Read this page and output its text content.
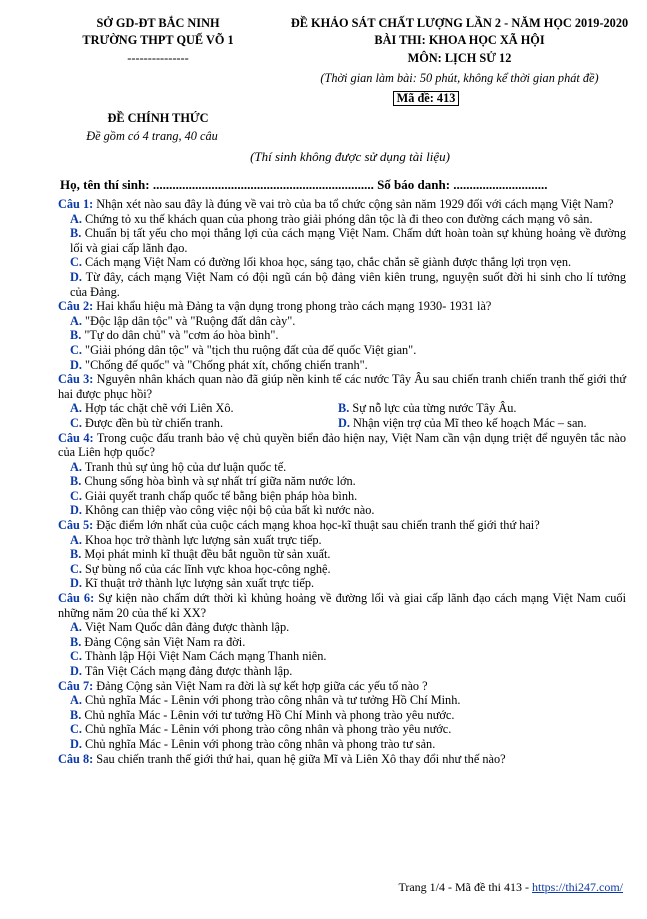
SỞ GD-ĐT BẮC NINH
TRƯỜNG THPT QUẾ VÕ 1
---------------
ĐỀ CHÍNH THỨC
Đề gồm có 4 trang, 40 câu
ĐỀ KHẢO SÁT CHẤT LƯỢNG LẦN 2 - NĂM HỌC 2019-2020
BÀI THI: KHOA HỌC XÃ HỘI
MÔN: LỊCH SỬ 12
(Thời gian làm bài: 50 phút, không kể thời gian phát đề)
Mã đề: 413
(Thí sinh không được sử dụng tài liệu)
Họ, tên thí sinh: .................................................................... Số báo danh: .............................
Câu 1: Nhận xét nào sau đây là đúng về vai trò của ba tổ chức cộng sản năm 1929 đối với cách mạng Việt Nam?
A. Chứng tỏ xu thế khách quan của phong trào giải phóng dân tộc là đi theo con đường cách mạng vô sản.
B. Chuẩn bị tất yếu cho mọi thắng lợi của cách mạng Việt Nam. Chấm dứt hoàn toàn sự khủng hoảng về đường lối và giai cấp lãnh đạo.
C. Cách mạng Việt Nam có đường lối khoa học, sáng tạo, chắc chắn sẽ giành được thắng lợi trọn vẹn.
D. Từ đây, cách mạng Việt Nam có đội ngũ cán bộ đảng viên kiên trung, nguyện suốt đời hi sinh cho lí tưởng của Đảng.
Câu 2: Hai khẩu hiệu mà Đảng ta vận dụng trong phong trào cách mạng 1930- 1931 là?
A. "Độc lập dân tộc" và "Ruộng đất dân cày".
B. "Tự do dân chủ" và "cơm áo hòa bình".
C. "Giải phóng dân tộc" và "tịch thu ruộng đất của đế quốc Việt gian".
D. "Chống đế quốc" và "Chống phát xít, chống chiến tranh".
Câu 3: Nguyên nhân khách quan nào đã giúp nền kinh tế các nước Tây Âu sau chiến tranh chiến tranh thế giới thứ hai được phục hồi?
A. Hợp tác chặt chẽ với Liên Xô.	B. Sự nỗ lực của từng nước Tây Âu.
C. Được đền bù từ chiến tranh.	D. Nhận viện trợ của Mĩ theo kế hoạch Mác – san.
Câu 4: Trong cuộc đấu tranh bảo vệ chủ quyền biển đảo hiện nay, Việt Nam cần vận dụng triệt để nguyên tắc nào của Liên hợp quốc?
A. Tranh thủ sự ủng hộ của dư luận quốc tế.
B. Chung sống hòa bình và sự nhất trí giữa năm nước lớn.
C. Giải quyết tranh chấp quốc tế bằng biện pháp hòa bình.
D. Không can thiệp vào công việc nội bộ của bất kì nước nào.
Câu 5: Đặc điểm lớn nhất của cuộc cách mạng khoa học-kĩ thuật sau chiến tranh thế giới thứ hai?
A. Khoa học trở thành lực lượng sản xuất trực tiếp.
B. Mọi phát minh kĩ thuật đều bắt nguồn từ sản xuất.
C. Sự bùng nổ của các lĩnh vực khoa học-công nghệ.
D. Kĩ thuật trở thành lực lượng sản xuất trực tiếp.
Câu 6: Sự kiện nào chấm dứt thời kì khủng hoảng về đường lối và giai cấp lãnh đạo cách mạng Việt Nam cuối những năm 20 của thế kỉ XX?
A. Việt Nam Quốc dân đảng được thành lập.
B. Đảng Cộng sản Việt Nam ra đời.
C. Thành lập Hội Việt Nam Cách mạng Thanh niên.
D. Tân Việt Cách mạng đảng được thành lập.
Câu 7: Đảng Cộng sản Việt Nam ra đời là sự kết hợp giữa các yếu tố nào ?
A. Chủ nghĩa Mác - Lênin với phong trào công nhân và tư tưởng Hồ Chí Minh.
B. Chủ nghĩa Mác - Lênin với tư tưởng Hồ Chí Minh và phong trào yêu nước.
C. Chủ nghĩa Mác - Lênin với phong trào công nhân và phong trào yêu nước.
D. Chủ nghĩa Mác - Lênin với phong trào công nhân và phong trào tư sản.
Câu 8: Sau chiến tranh thế giới thứ hai, quan hệ giữa Mĩ và Liên Xô thay đổi như thế nào?
Trang 1/4 - Mã đề thi 413 - https://thi247.com/
